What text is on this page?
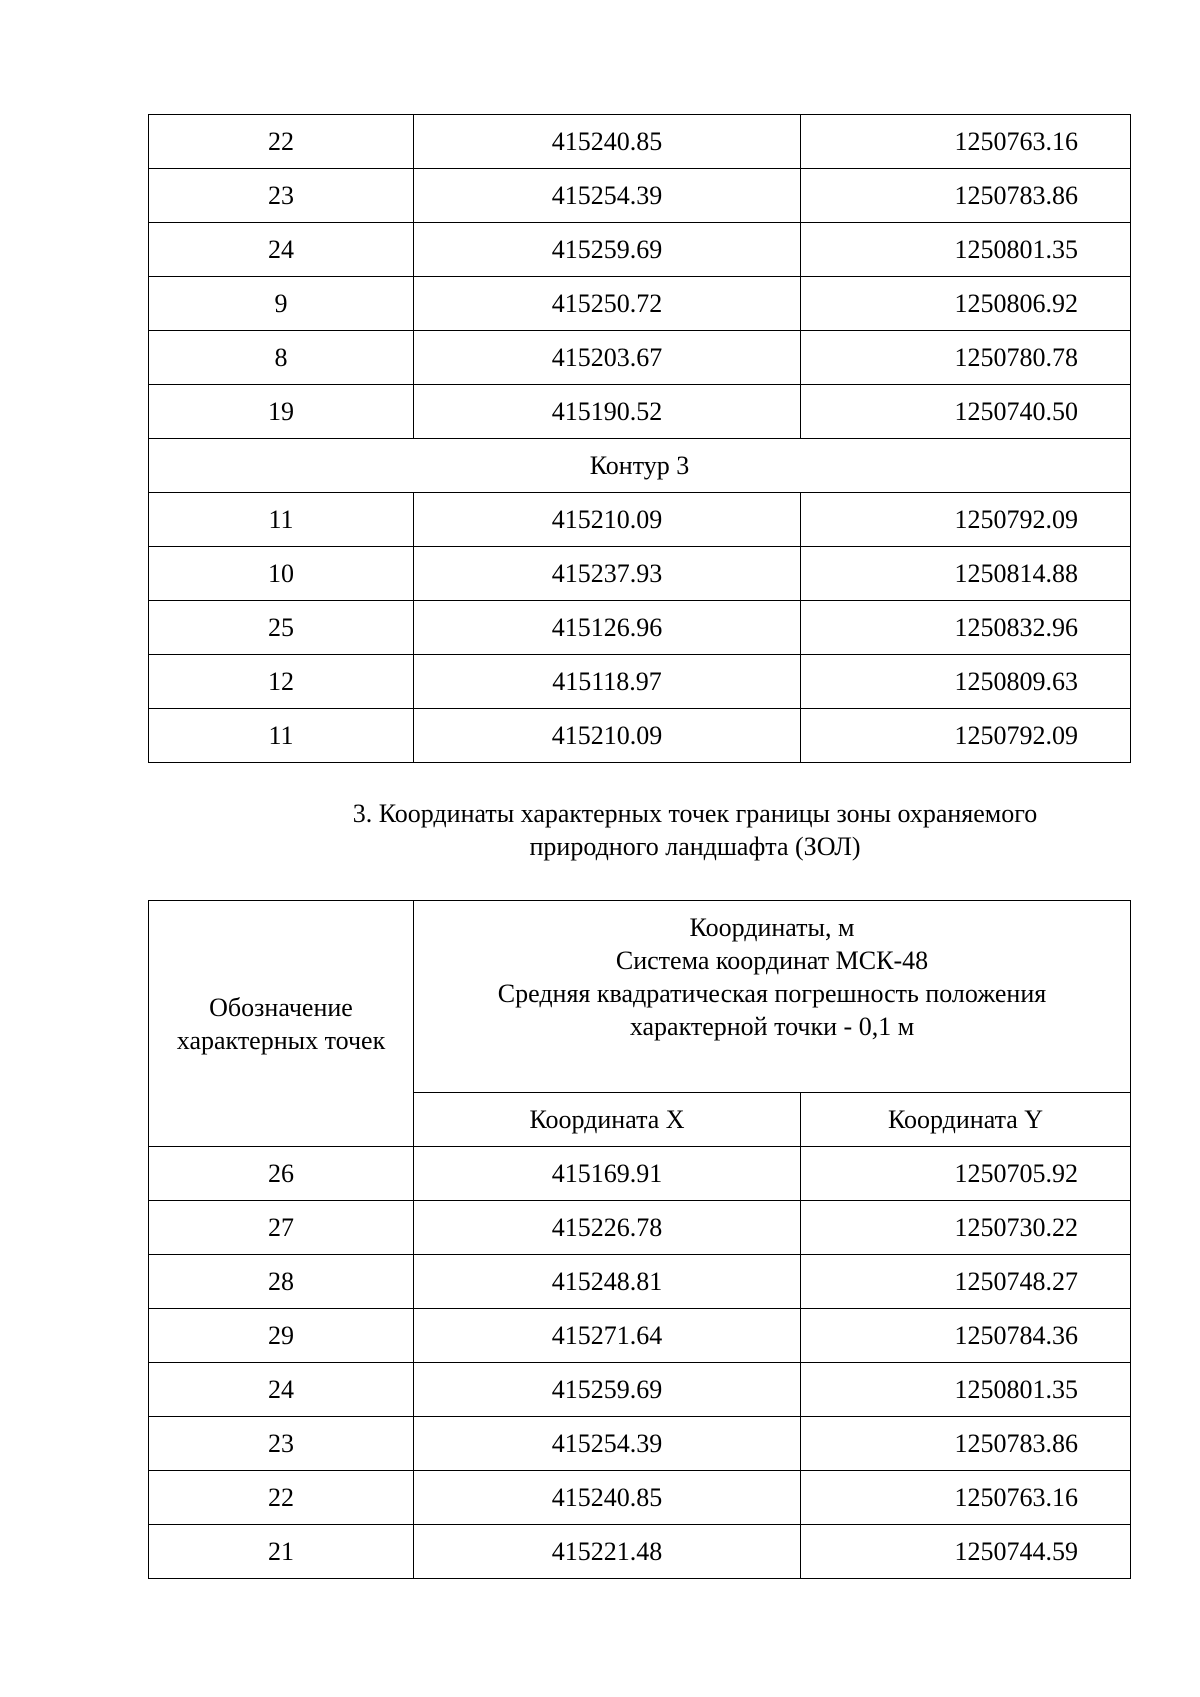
22	415240.85	1250763.16
23	415254.39	1250783.86
24	415259.69	1250801.35
9	415250.72	1250806.92
8	415203.67	1250780.78
19	415190.52	1250740.50
Контур 3		
11	415210.09	1250792.09
10	415237.93	1250814.88
25	415126.96	1250832.96
12	415118.97	1250809.63
11	415210.09	1250792.09
3. Координаты характерных точек границы зоны охраняемого
природного ландшафта (ЗОЛ)
Обозначение
характерных точек	Координаты, м
Система координат МСК-48
Средняя квадратическая погрешность положения
характерной точки - 0,1 м	

	Координата X	Координата Y
26	415169.91	1250705.92
27	415226.78	1250730.22
28	415248.81	1250748.27
29	415271.64	1250784.36
24	415259.69	1250801.35
23	415254.39	1250783.86
22	415240.85	1250763.16
21	415221.48	1250744.59
